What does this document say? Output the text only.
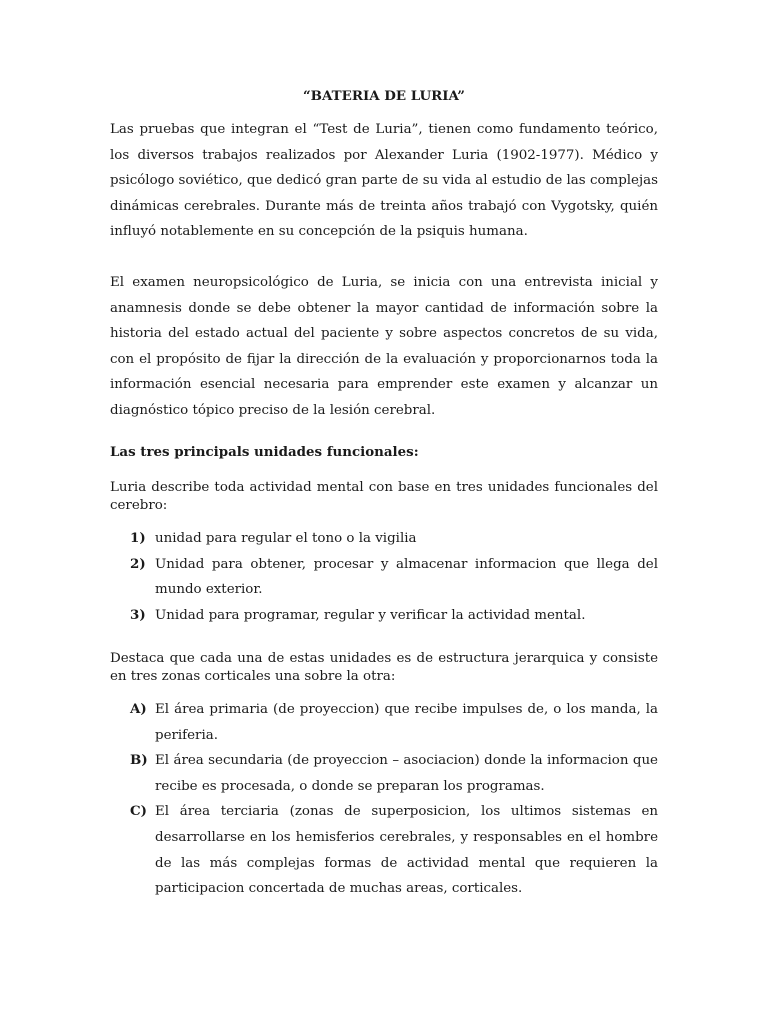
“BATERIA DE LURIA”

Las pruebas que integran el “Test de Luria”, tienen como fundamento teórico, los diversos trabajos realizados por Alexander Luria (1902-1977). Médico y psicólogo soviético, que dedicó gran parte de su vida al estudio de las complejas dinámicas cerebrales. Durante más de treinta años trabajó con Vygotsky, quién influyó notablemente en su concepción de la psiquis humana.

El examen neuropsicológico de Luria, se inicia con una entrevista inicial y anamnesis donde se debe obtener la mayor cantidad de información sobre la historia del estado actual del paciente y sobre aspectos concretos de su vida, con el propósito de fijar la dirección de la evaluación y proporcionarnos toda la información esencial necesaria para emprender este examen y alcanzar un diagnóstico tópico preciso de la lesión cerebral.

Las tres principals unidades funcionales:

Luria describe toda actividad mental con base en tres unidades funcionales del cerebro:

1) unidad para regular el tono o la vigilia
2) Unidad para obtener, procesar y almacenar informacion que llega del mundo exterior.
3) Unidad para programar, regular y verificar la actividad mental.

Destaca que cada una de estas unidades es de estructura jerarquica y consiste en tres zonas corticales una sobre la otra:

A) El área primaria (de proyeccion) que recibe impulses de, o los manda, la periferia.
B) El área secundaria (de proyeccion – asociacion) donde la informacion que recibe es procesada, o donde se preparan los programas.
C) El área terciaria (zonas de superposicion, los ultimos sistemas en desarrollarse en los hemisferios cerebrales, y responsables en el hombre de las más complejas formas de actividad mental que requieren la participacion concertada de muchas areas, corticales.
